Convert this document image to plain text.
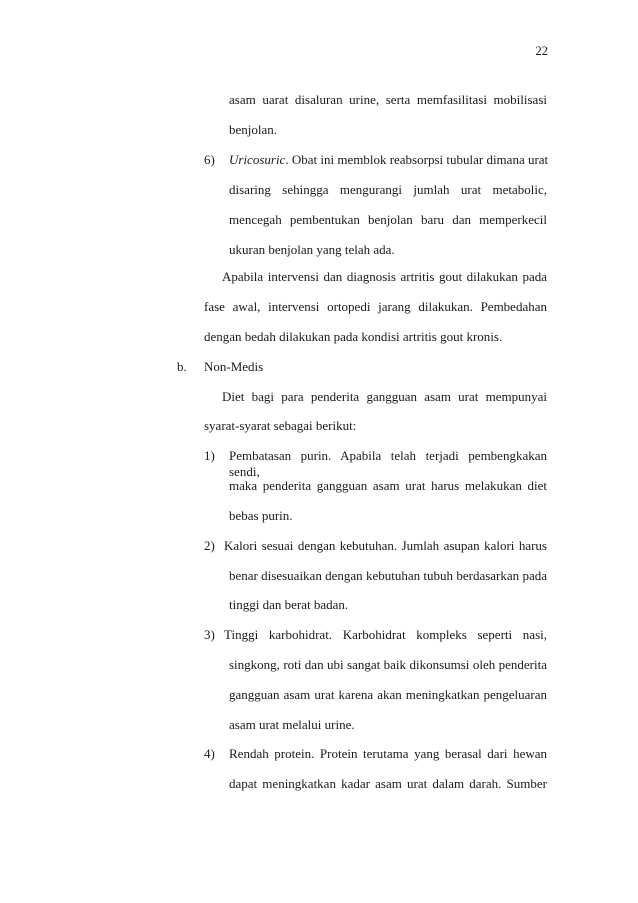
22
asam uarat disaluran urine, serta memfasilitasi mobilisasi
benjolan.
6) Uricosuric. Obat ini memblok reabsorpsi tubular dimana urat
disaring sehingga mengurangi jumlah urat metabolic,
mencegah pembentukan benjolan baru dan memperkecil
ukuran benjolan yang telah ada.
Apabila intervensi dan diagnosis artritis gout dilakukan pada
fase awal, intervensi ortopedi jarang dilakukan. Pembedahan
dengan bedah dilakukan pada kondisi artritis gout kronis.
b. Non-Medis
Diet bagi para penderita gangguan asam urat mempunyai
syarat-syarat sebagai berikut:
1) Pembatasan purin. Apabila telah terjadi pembengkakan sendi,
maka penderita gangguan asam urat harus melakukan diet
bebas purin.
2) Kalori sesuai dengan kebutuhan. Jumlah asupan kalori harus
benar disesuaikan dengan kebutuhan tubuh berdasarkan pada
tinggi dan berat badan.
3) Tinggi karbohidrat. Karbohidrat kompleks seperti nasi,
singkong, roti dan ubi sangat baik dikonsumsi oleh penderita
gangguan asam urat karena akan meningkatkan pengeluaran
asam urat melalui urine.
4) Rendah protein. Protein terutama yang berasal dari hewan
dapat meningkatkan kadar asam urat dalam darah. Sumber
